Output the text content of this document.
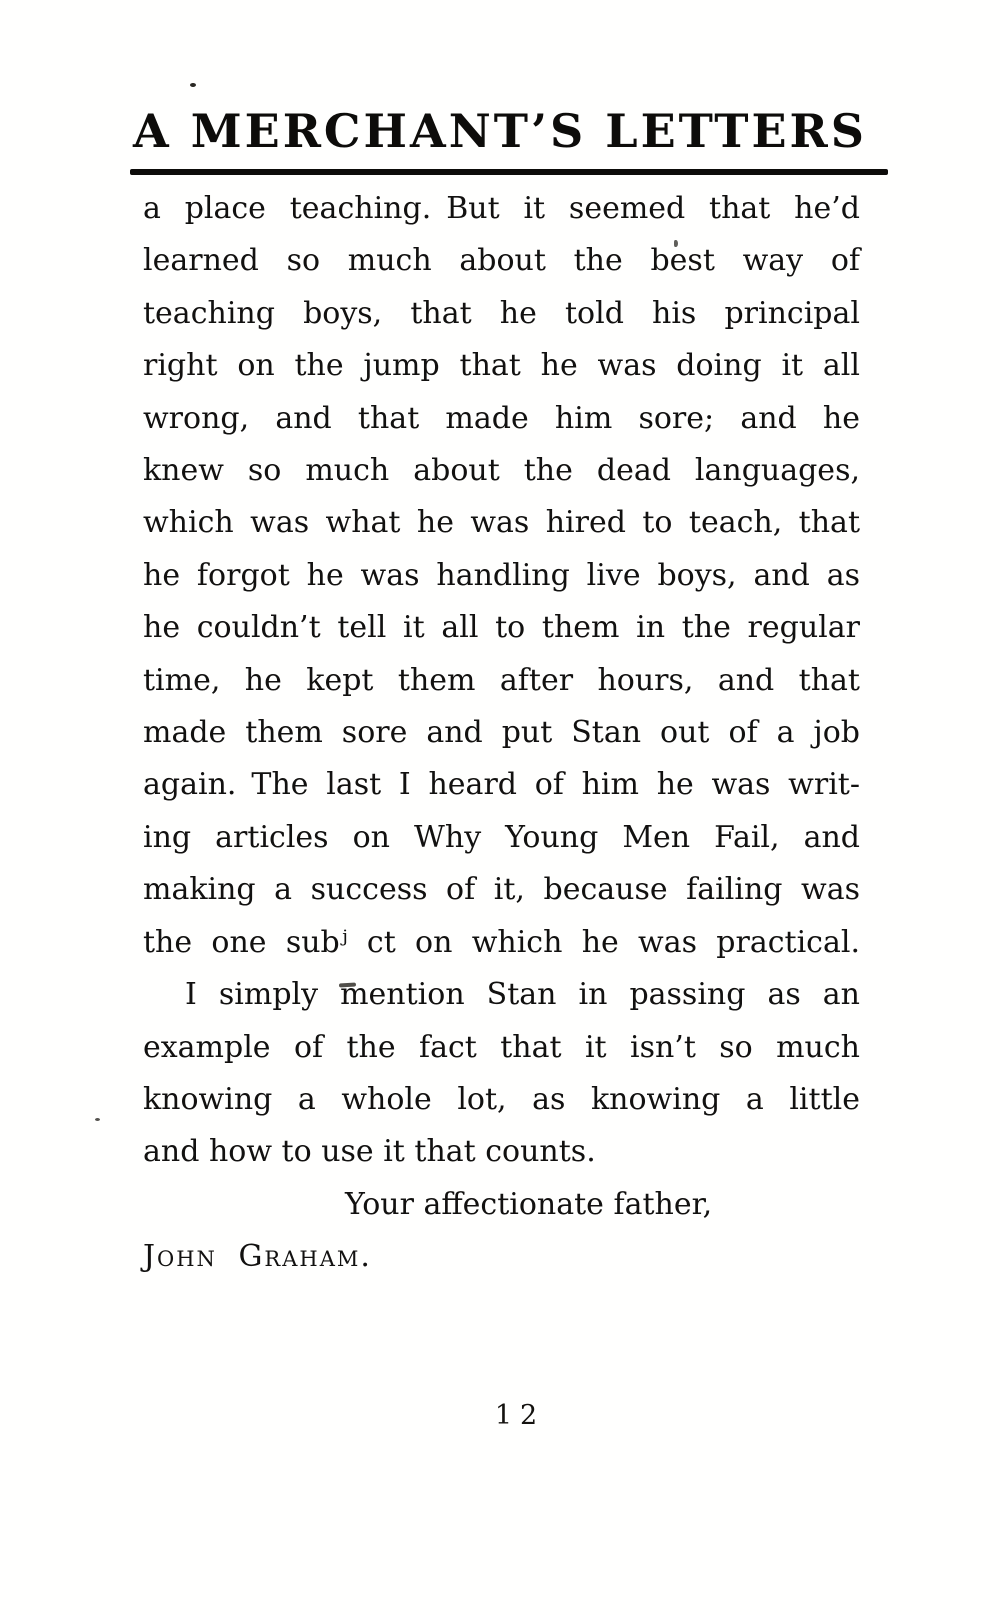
A MERCHANT’S LETTERS
a place teaching. But it seemed that he’d
learned so much about the best way of
teaching boys, that he told his principal
right on the jump that he was doing it all
wrong, and that made him sore; and he
knew so much about the dead languages,
which was what he was hired to teach, that
he forgot he was handling live boys, and as
he couldn’t tell it all to them in the regular
time, he kept them after hours, and that
made them sore and put Stan out of a job
again. The last I heard of him he was writ-
ing articles on Why Young Men Fail, and
making a success of it, because failing was
the one subʲ ct on which he was practical.
I simply mention Stan in passing as an
example of the fact that it isn’t so much
knowing a whole lot, as knowing a little
and how to use it that counts.
Your affectionate father,
John Graham.
12
